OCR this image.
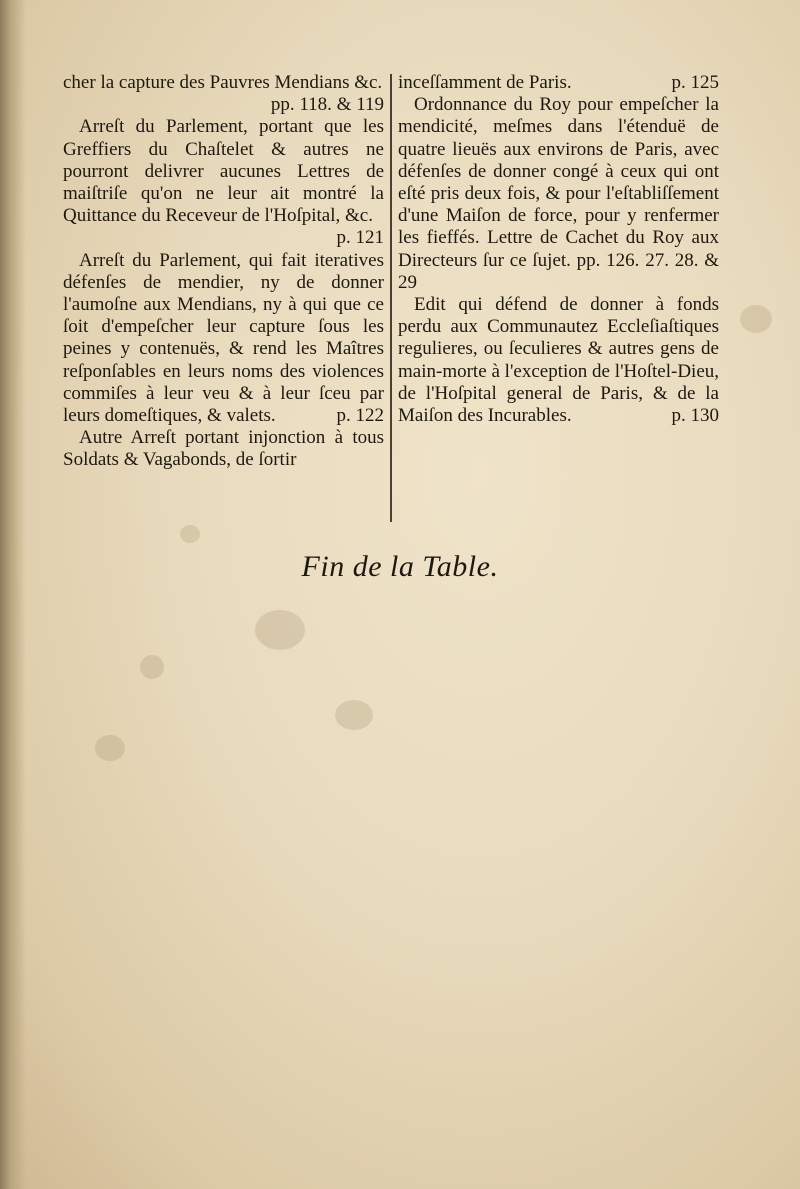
cher la capture des Pauvres Mendians &c.
pp. 118. & 119

Arreſt du Parlement, portant que les Greffiers du Chaſtelet & autres ne pourront delivrer aucunes Lettres de maiſtriſe qu'on ne leur ait montré la Quittance du Receveur de l'Hoſpital, &c.
p. 121

Arreſt du Parlement, qui fait iteratives défenſes de mendier, ny de donner l'aumoſne aux Mendians, ny à qui que ce ſoit d'empeſcher leur capture ſous les peines y contenuës, & rend les Maîtres reſponſables en leurs noms des violences commiſes à leur veu & à leur ſceu par leurs domeſtiques, & valets.	p. 122

Autre Arreſt portant injonction à tous Soldats & Vagabonds, de ſortir

inceſſamment de Paris.	p. 125

Ordonnance du Roy pour empeſcher la mendicité, meſmes dans l'étenduë de quatre lieuës aux environs de Paris, avec défenſes de donner congé à ceux qui ont eſté pris deux fois, & pour l'eſtabliſſement d'une Maiſon de force, pour y renfermer les fieffés. Lettre de Cachet du Roy aux Directeurs ſur ce ſujet. pp. 126. 27. 28. & 29

Edit qui défend de donner à fonds perdu aux Communautez Eccleſiaſtiques regulieres, ou ſeculieres & autres gens de main-morte à l'exception de l'Hoſtel-Dieu, de l'Hoſpital general de Paris, & de la Maiſon des Incurables.	p. 130

Fin de la Table.
